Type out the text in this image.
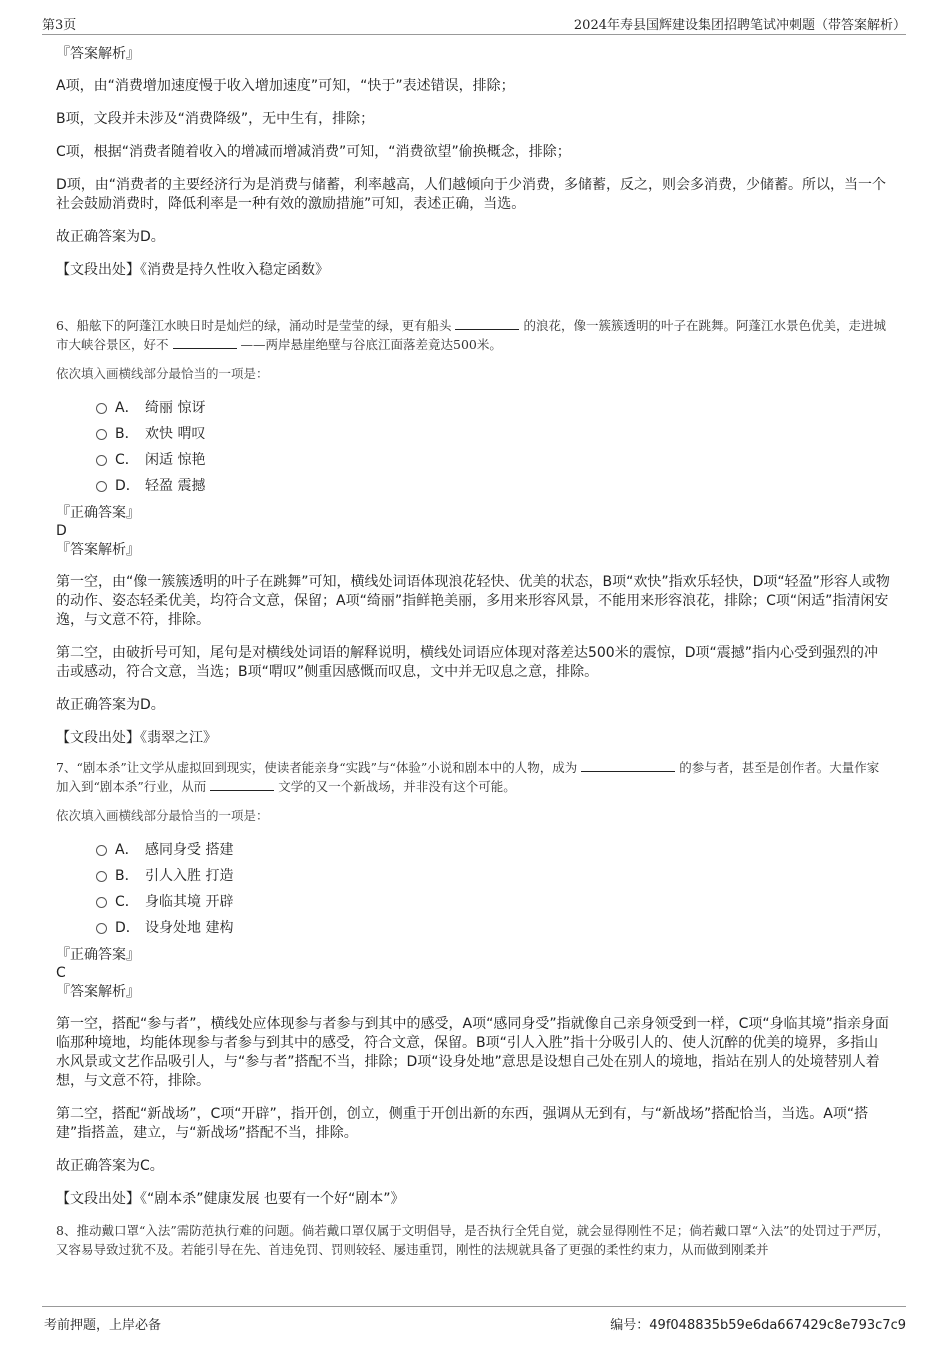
第3页	2024年寿县国辉建设集团招聘笔试冲刺题（带答案解析）

『答案解析』

A项，由“消费增加速度慢于收入增加速度”可知，“快于”表述错误，排除；

B项，文段并未涉及“消费降级”，无中生有，排除；

C项，根据“消费者随着收入的增减而增减消费”可知，“消费欲望”偷换概念，排除；

D项，由“消费者的主要经济行为是消费与储蓄，利率越高，人们越倾向于少消费，多储蓄，反之，则会多消费，少储蓄。所以，当一个社会鼓励消费时，降低利率是一种有效的激励措施”可知，表述正确，当选。

故正确答案为D。

【文段出处】《消费是持久性收入稳定函数》

6、船舷下的阿蓬江水映日时是灿烂的绿，涌动时是莹莹的绿，更有船头	的浪花，像一簇簇透明的叶子在跳舞。阿蓬江水景色优美，走进城市大峡谷景区，好不	——两岸悬崖绝壁与谷底江面落差竟达500米。

依次填入画横线部分最恰当的一项是：

A． 绮丽 惊讶
B． 欢快 喟叹
C． 闲适 惊艳
D． 轻盈 震撼

『正确答案』

D

『答案解析』

第一空，由“像一簇簇透明的叶子在跳舞”可知，横线处词语体现浪花轻快、优美的状态，B项“欢快”指欢乐轻快，D项“轻盈”形容人或物的动作、姿态轻柔优美，均符合文意，保留；A项“绮丽”指鲜艳美丽，多用来形容风景，不能用来形容浪花，排除；C项“闲适”指清闲安逸，与文意不符，排除。

第二空，由破折号可知，尾句是对横线处词语的解释说明，横线处词语应体现对落差达500米的震惊，D项“震撼”指内心受到强烈的冲击或感动，符合文意，当选；B项“喟叹”侧重因感慨而叹息，文中并无叹息之意，排除。

故正确答案为D。

【文段出处】《翡翠之江》

7、“剧本杀”让文学从虚拟回到现实，使读者能亲身“实践”与“体验”小说和剧本中的人物，成为	的参与者，甚至是创作者。大量作家加入到“剧本杀”行业，从而	文学的又一个新战场，并非没有这个可能。

依次填入画横线部分最恰当的一项是：

A． 感同身受 搭建
B． 引人入胜 打造
C． 身临其境 开辟
D． 设身处地 建构

『正确答案』

C

『答案解析』

第一空，搭配“参与者”，横线处应体现参与者参与到其中的感受，A项“感同身受”指就像自己亲身领受到一样，C项“身临其境”指亲身面临那种境地，均能体现参与者参与到其中的感受，符合文意，保留。B项“引人入胜”指十分吸引人的、使人沉醉的优美的境界，多指山水风景或文艺作品吸引人，与“参与者”搭配不当，排除；D项“设身处地”意思是设想自己处在别人的境地，指站在别人的处境替别人着想，与文意不符，排除。

第二空，搭配“新战场”，C项“开辟”，指开创，创立，侧重于开创出新的东西，强调从无到有，与“新战场”搭配恰当，当选。A项“搭建”指搭盖，建立，与“新战场”搭配不当，排除。

故正确答案为C。

【文段出处】《“剧本杀”健康发展 也要有一个好“剧本”》

8、推动戴口罩“入法”需防范执行难的问题。倘若戴口罩仅属于文明倡导，是否执行全凭自觉，就会显得刚性不足；倘若戴口罩“入法”的处罚过于严厉，又容易导致过犹不及。若能引导在先、首违免罚、罚则较轻、屡违重罚，刚性的法规就具备了更强的柔性约束力，从而做到刚柔并

考前押题，上岸必备	编号：49f048835b59e6da667429c8e793c7c9
